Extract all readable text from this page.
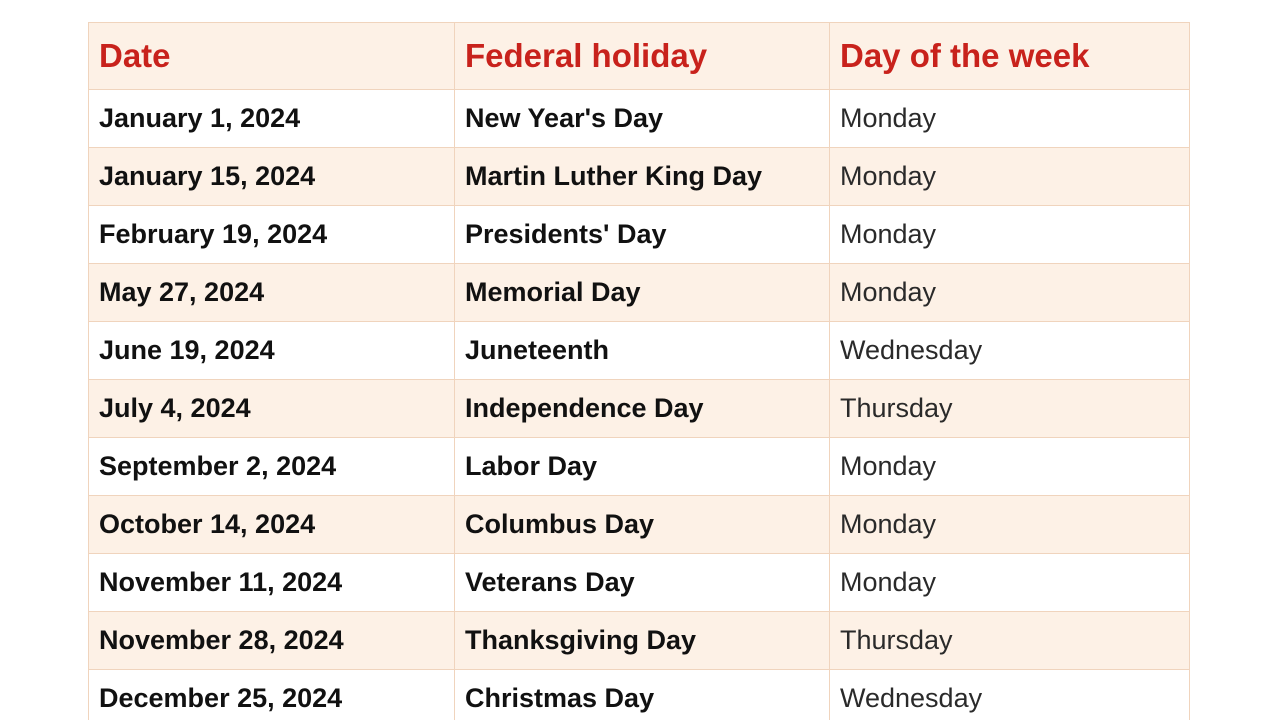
Date	Federal holiday	Day of the week
January 1, 2024	New Year's Day	Monday
January 15, 2024	Martin Luther King Day	Monday
February 19, 2024	Presidents' Day	Monday
May 27, 2024	Memorial Day	Monday
June 19, 2024	Juneteenth	Wednesday
July 4, 2024	Independence Day	Thursday
September 2, 2024	Labor Day	Monday
October 14, 2024	Columbus Day	Monday
November 11, 2024	Veterans Day	Monday
November 28, 2024	Thanksgiving Day	Thursday
December 25, 2024	Christmas Day	Wednesday
